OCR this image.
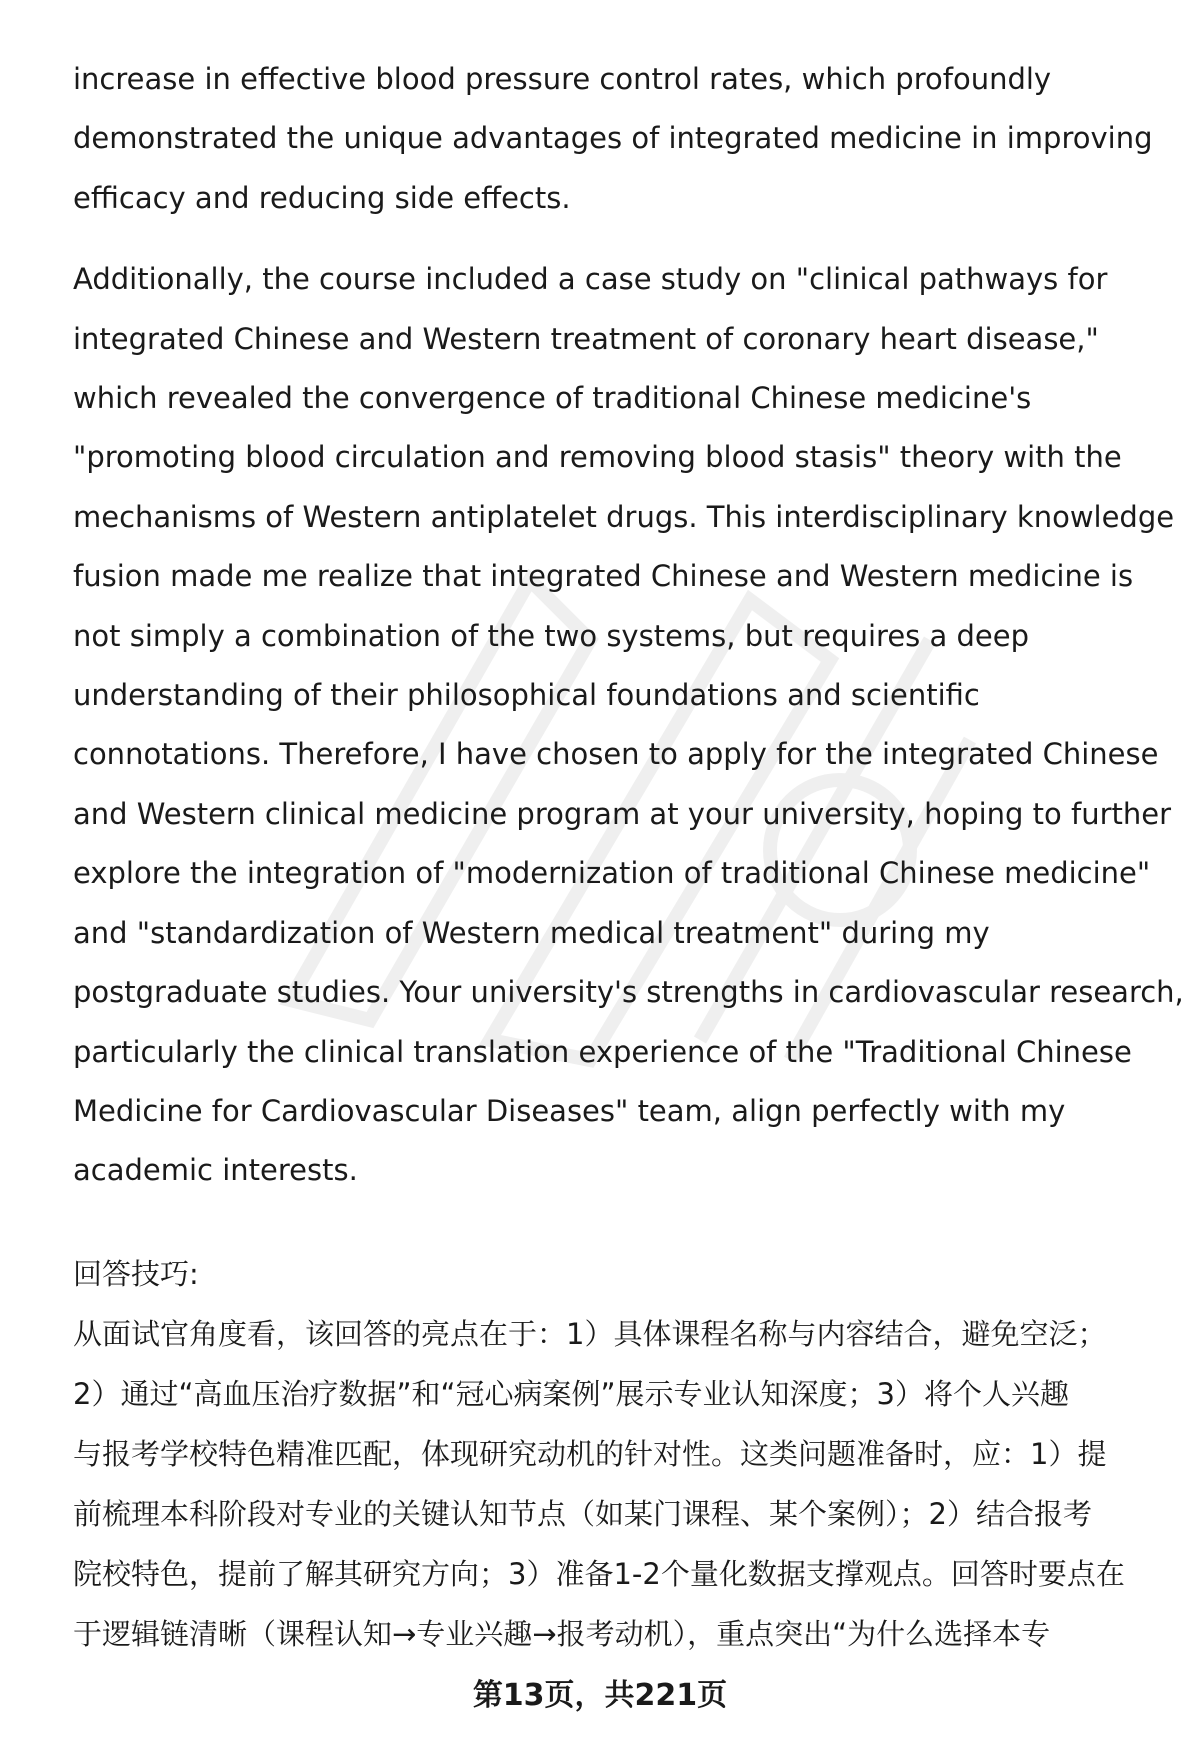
increase in effective blood pressure control rates, which profoundly
demonstrated the unique advantages of integrated medicine in improving
efficacy and reducing side effects.

Additionally, the course included a case study on "clinical pathways for
integrated Chinese and Western treatment of coronary heart disease,"
which revealed the convergence of traditional Chinese medicine's
"promoting blood circulation and removing blood stasis" theory with the
mechanisms of Western antiplatelet drugs. This interdisciplinary knowledge
fusion made me realize that integrated Chinese and Western medicine is
not simply a combination of the two systems, but requires a deep
understanding of their philosophical foundations and scientific
connotations. Therefore, I have chosen to apply for the integrated Chinese
and Western clinical medicine program at your university, hoping to further
explore the integration of "modernization of traditional Chinese medicine"
and "standardization of Western medical treatment" during my
postgraduate studies. Your university's strengths in cardiovascular research,
particularly the clinical translation experience of the "Traditional Chinese
Medicine for Cardiovascular Diseases" team, align perfectly with my
academic interests.

回答技巧:
从面试官角度看，该回答的亮点在于：1）具体课程名称与内容结合，避免空泛；
2）通过“高血压治疗数据”和“冠心病案例”展示专业认知深度；3）将个人兴趣
与报考学校特色精准匹配，体现研究动机的针对性。这类问题准备时，应：1）提
前梳理本科阶段对专业的关键认知节点（如某门课程、某个案例）；2）结合报考
院校特色，提前了解其研究方向；3）准备1-2个量化数据支撑观点。回答时要点在
于逻辑链清晰（课程认知→专业兴趣→报考动机），重点突出“为什么选择本专
第13页，共221页
